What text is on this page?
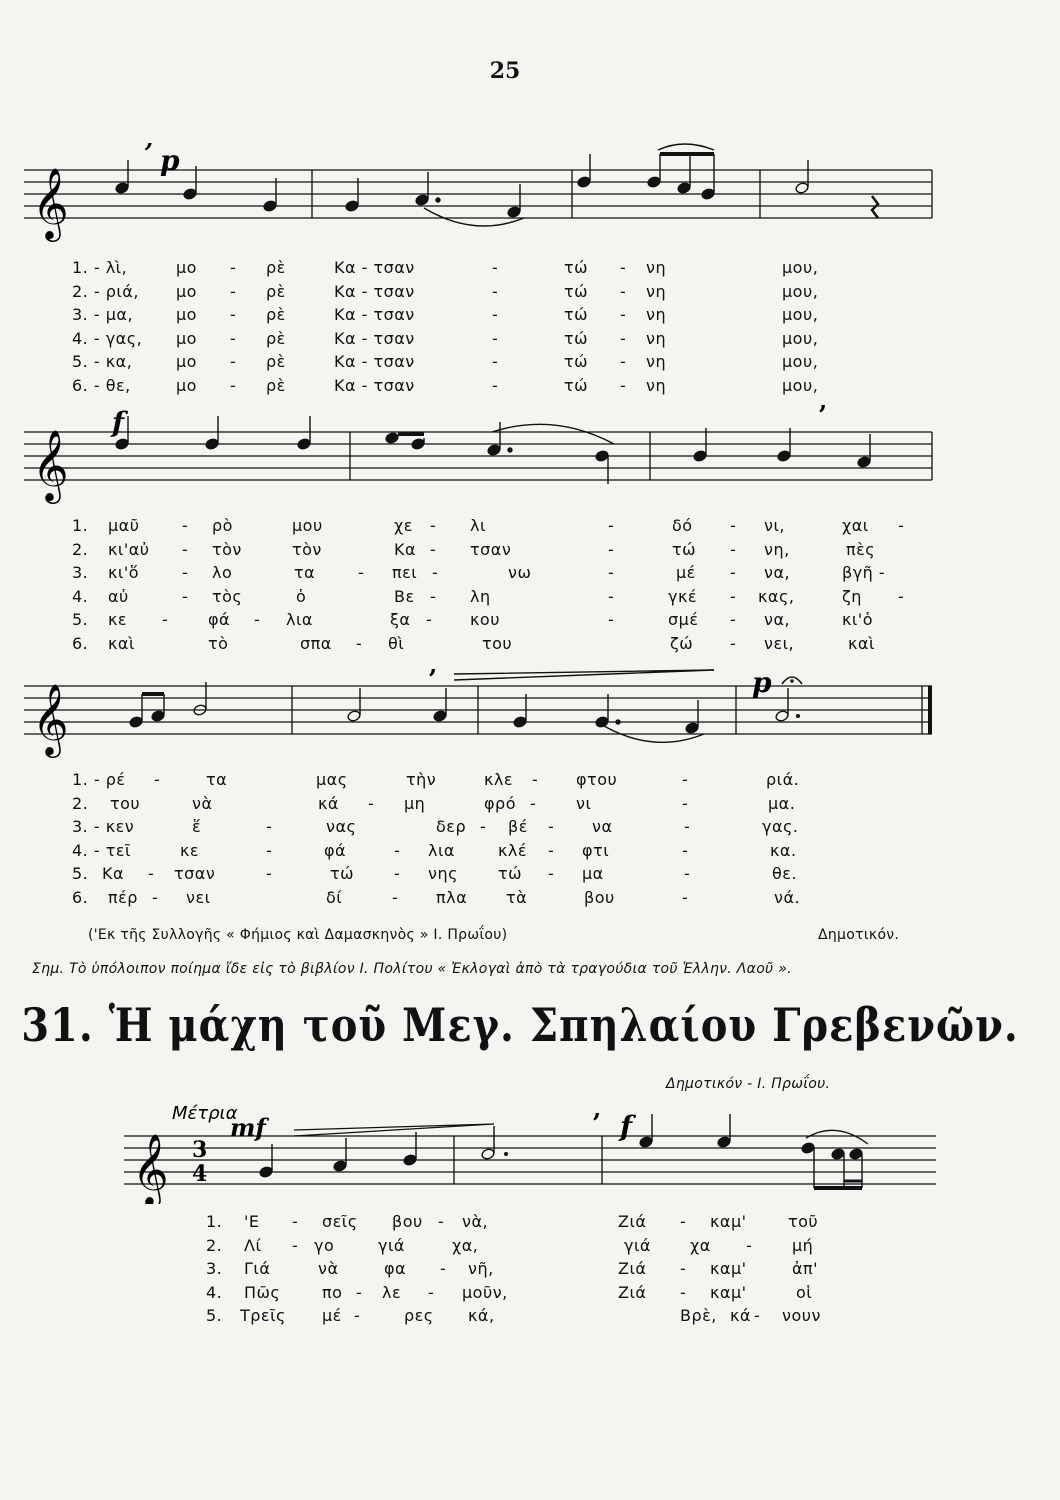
25
𝄞
’ p
1. - λὶ,	μο - ρὲ	Κα - τσαν	-	τώ - νη	μου,
2. - ριά, μο - ρὲ	Κα - τσαν	-	τώ - νη	μου,
3. - μα,	μο - ρὲ	Κα - τσαν	-	τώ - νη	μου,
4. - γας, μο - ρὲ	Κα - τσαν	-	τώ - νη	μου,
5. - κα,	μο - ρὲ	Κα - τσαν	-	τώ - νη	μου,
6. - θε,	μο - ρὲ	Κα - τσαν	-	τώ - νη	μου,
𝄞
f	’
1. μαῦ	- ρὸ	μου	χε - λι	-	δό - νι,	χαι -
2. κι'αὐ - τὸν	τὸν	Κα - τσαν	-	τώ - νη,	πὲς
3. κι'ὅ	- λο	τα	- πει -	νω	-	μέ - να,	βγῆ -
4. αὐ	- τὸς	ὁ	Βε - λη	-	γκέ - κας,	ζη -
5. κε - φά - λια	ξα - κου	-	σμέ - να,	κι'ὁ
6. καὶ	τὸ	σπα - θὶ	του	ζώ - νει,	καὶ
𝄞
’	p
1. - ρέ -	τα	μας	τὴν	κλε - φτου	-	ριά.
2. του	νὰ	κά - μη	φρό - νι	-	μα.
3. - κεν	ἕ	-	νας	δερ - βέ - να	-	γας.
4. - τεῖ	κε	-	φά	- λια	κλέ - φτι	-	κα.
5. Κα - τσαν	-	τώ - νης	τώ - μα	-	θε.
6. πέρ - νει	δί	- πλα τὰ	βου	-	νά.
('Εκ τῆς Συλλογῆς « Φήμιος καὶ Δαμασκηνὸς » Ι. Πρωΐου)	Δημοτικόν.
Σημ. Τὸ ὑπόλοιπον ποίημα ἴδε εἰς τὸ βιβλίον Ι. Πολίτου « Ἐκλογαὶ ἀπὸ τὰ τραγούδια τοῦ Ἑλλην. Λαοῦ ».
31. Ἡ μάχη τοῦ Μεγ. Σπηλαίου Γρεβενῶν.
Δημοτικόν - Ι. Πρωΐου.
𝄞
Μέτρια
mf
3
4
’ f
1. 'Ε - σεῖς βου - νὰ,	Ζιά - καμ'	τοῦ
2. Λί - γο	γιά	χα,	γιά χα - μή
3. Γιά	νὰ	φα - νῆ,	Ζιά - καμ'	ἀπ'
4. Πῶς	πο - λε - μοῦν,	Ζιά - καμ'	οἱ
5. Τρεῖς μέ -	ρες κά,	Βρὲ, κά - νουν
